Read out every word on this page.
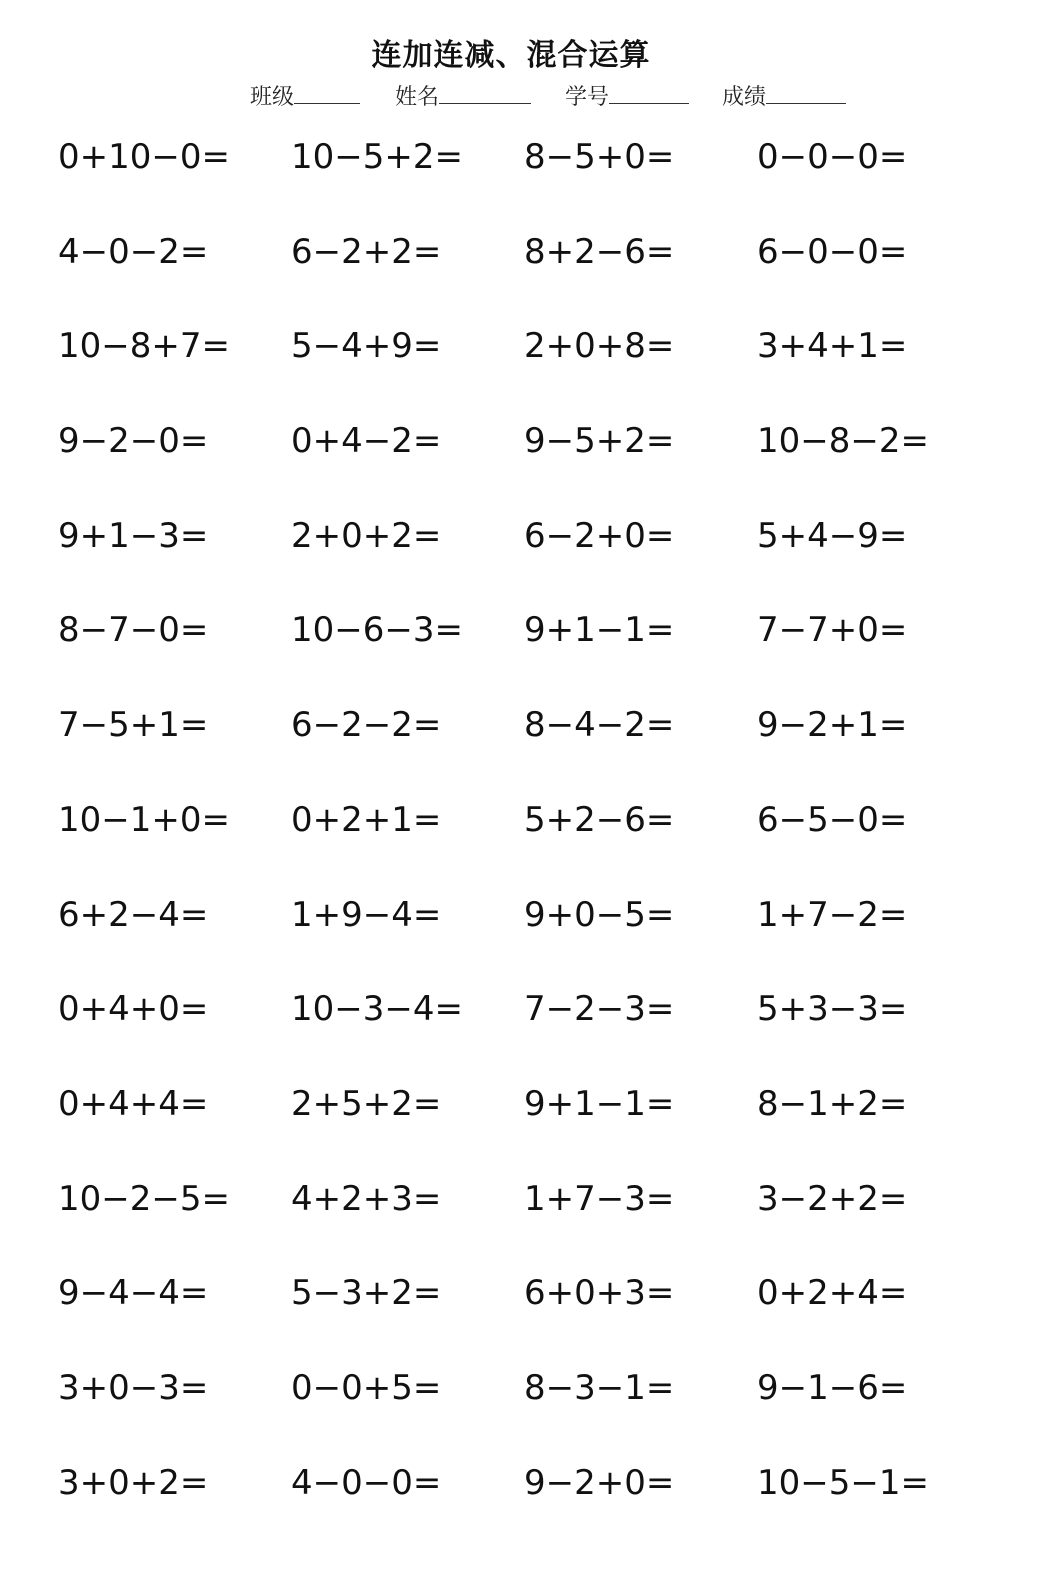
连加连减、混合运算
班级	姓名	学号	成绩
0+10−0=	10−5+2=	8−5+0=	0−0−0=
4−0−2=	6−2+2=	8+2−6=	6−0−0=
10−8+7=	5−4+9=	2+0+8=	3+4+1=
9−2−0=	0+4−2=	9−5+2=	10−8−2=
9+1−3=	2+0+2=	6−2+0=	5+4−9=
8−7−0=	10−6−3=	9+1−1=	7−7+0=
7−5+1=	6−2−2=	8−4−2=	9−2+1=
10−1+0=	0+2+1=	5+2−6=	6−5−0=
6+2−4=	1+9−4=	9+0−5=	1+7−2=
0+4+0=	10−3−4=	7−2−3=	5+3−3=
0+4+4=	2+5+2=	9+1−1=	8−1+2=
10−2−5=	4+2+3=	1+7−3=	3−2+2=
9−4−4=	5−3+2=	6+0+3=	0+2+4=
3+0−3=	0−0+5=	8−3−1=	9−1−6=
3+0+2=	4−0−0=	9−2+0=	10−5−1=
